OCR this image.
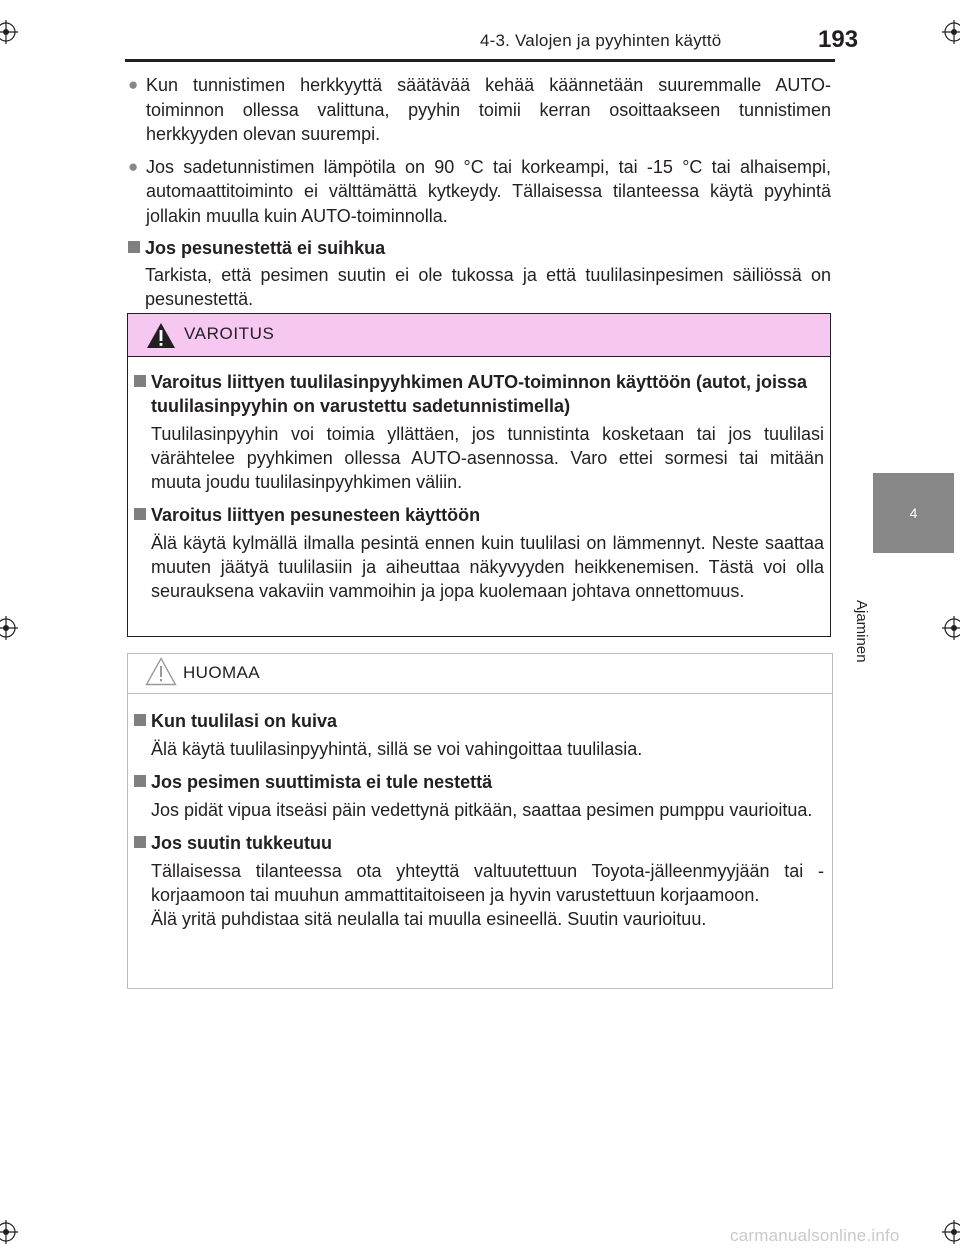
4-3. Valojen ja pyyhinten käyttö	193
4
Ajaminen
● Kun tunnistimen herkkyyttä säätävää kehää käännetään suuremmalle AUTO-toiminnon ollessa valittuna, pyyhin toimii kerran osoittaakseen tunnistimen herkkyyden olevan suurempi.
● Jos sadetunnistimen lämpötila on 90 °C tai korkeampi, tai -15 °C tai alhaisempi, automaattitoiminto ei välttämättä kytkeydy. Tällaisessa tilanteessa käytä pyyhintä jollakin muulla kuin AUTO-toiminnolla.
Jos pesunestettä ei suihkua
Tarkista, että pesimen suutin ei ole tukossa ja että tuulilasinpesimen säiliössä on pesunestettä.
VAROITUS
Varoitus liittyen tuulilasinpyyhkimen AUTO-toiminnon käyttöön (autot, joissa tuulilasinpyyhin on varustettu sadetunnistimella)
Tuulilasinpyyhin voi toimia yllättäen, jos tunnistinta kosketaan tai jos tuulilasi värähtelee pyyhkimen ollessa AUTO-asennossa. Varo ettei sormesi tai mitään muuta joudu tuulilasinpyyhkimen väliin.
Varoitus liittyen pesunesteen käyttöön
Älä käytä kylmällä ilmalla pesintä ennen kuin tuulilasi on lämmennyt. Neste saattaa muuten jäätyä tuulilasiin ja aiheuttaa näkyvyyden heikkenemisen. Tästä voi olla seurauksena vakaviin vammoihin ja jopa kuolemaan johtava onnettomuus.
HUOMAA
Kun tuulilasi on kuiva
Älä käytä tuulilasinpyyhintä, sillä se voi vahingoittaa tuulilasia.
Jos pesimen suuttimista ei tule nestettä
Jos pidät vipua itseäsi päin vedettynä pitkään, saattaa pesimen pumppu vaurioitua.
Jos suutin tukkeutuu
Tällaisessa tilanteessa ota yhteyttä valtuutettuun Toyota-jälleenmyyjään tai -korjaamoon tai muuhun ammattitaitoiseen ja hyvin varustettuun korjaamoon.
Älä yritä puhdistaa sitä neulalla tai muulla esineellä. Suutin vaurioituu.
carmanualsonline.info
